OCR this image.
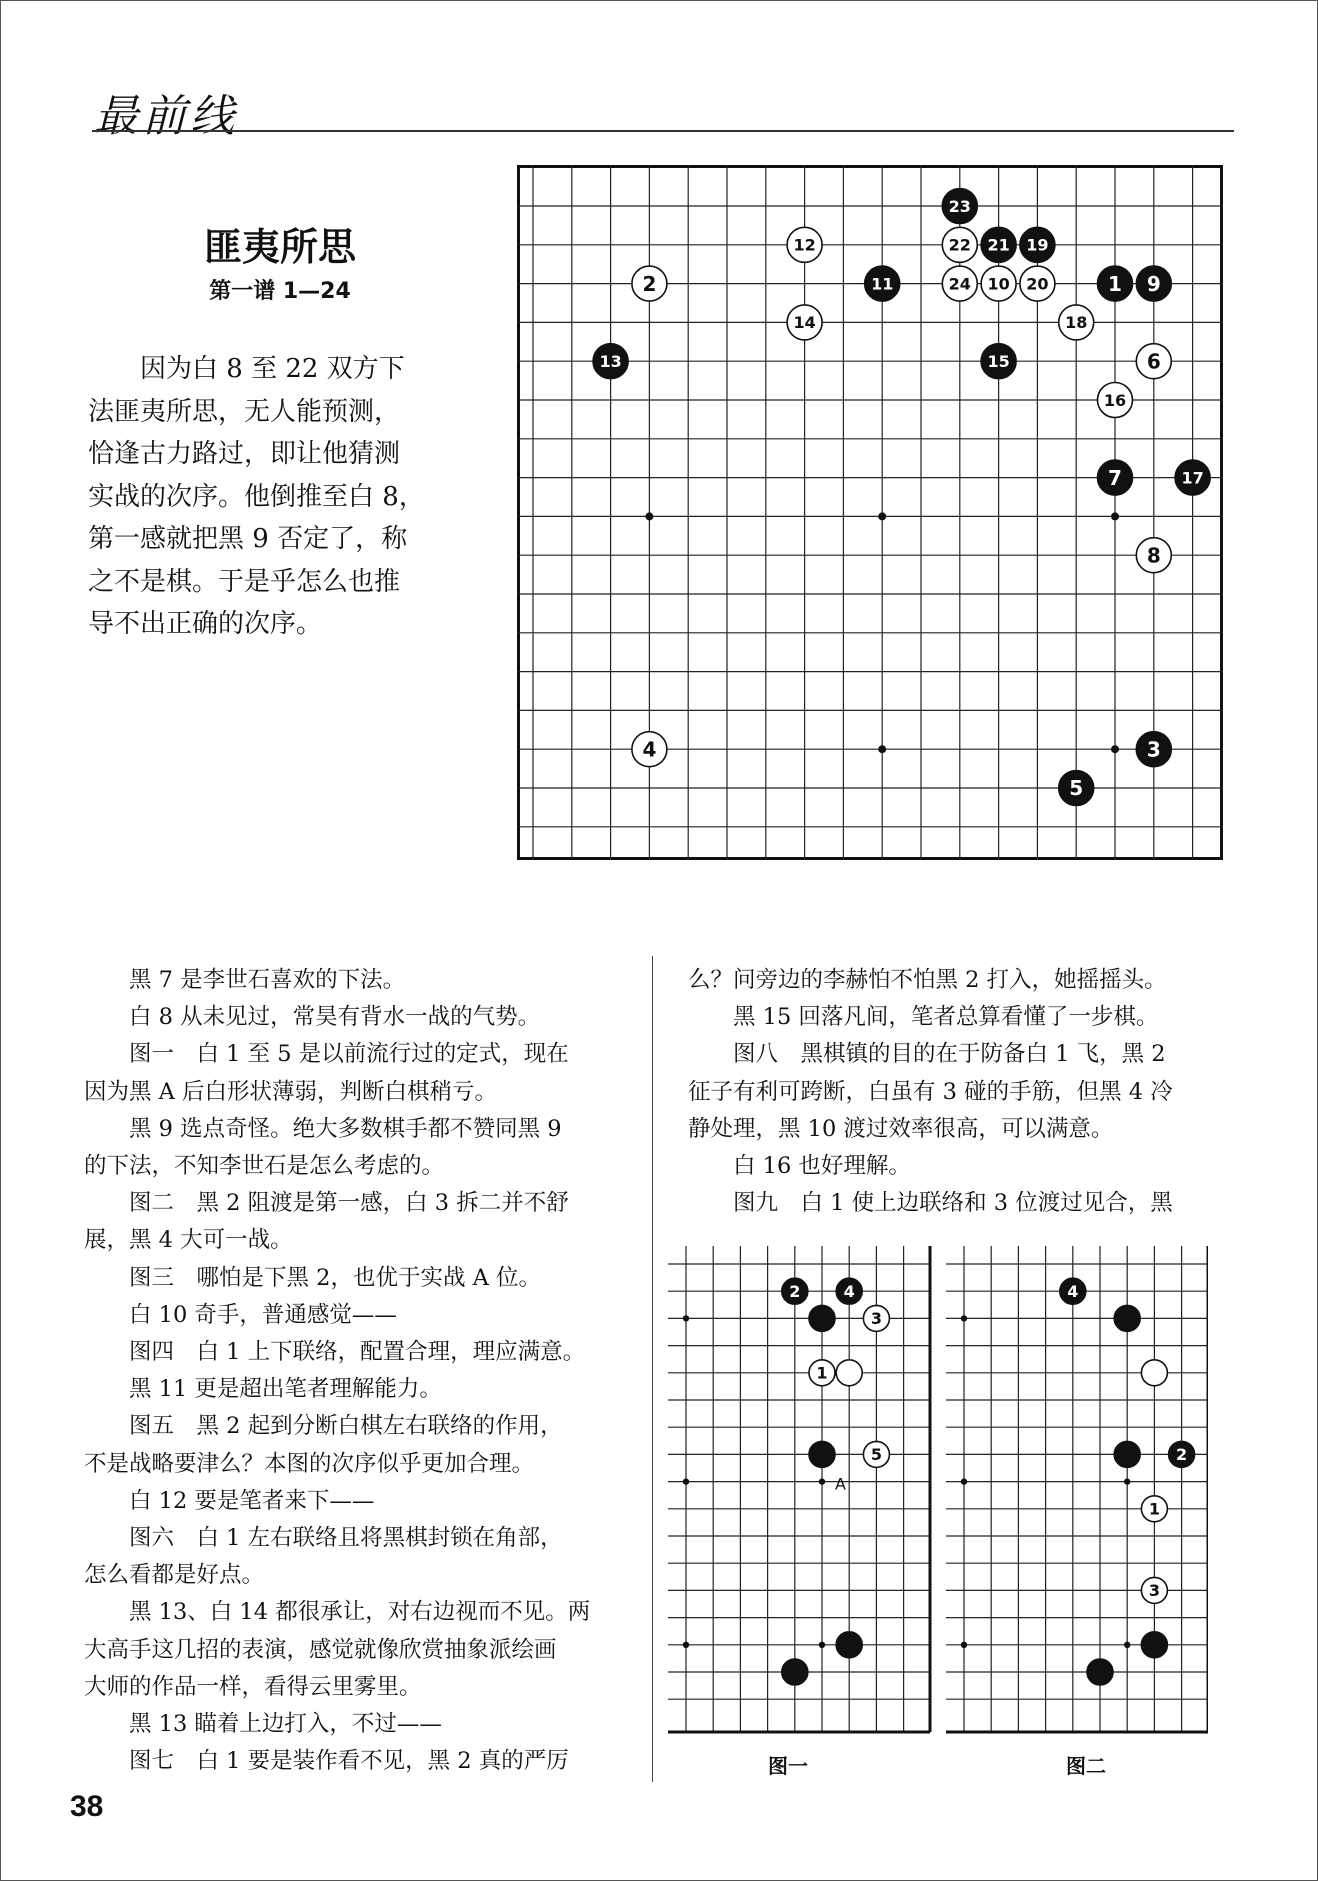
最前线
匪夷所思
第一谱 1—24

　　因为白 8 至 22 双方下

法匪夷所思，无人能预测，

恰逢古力路过，即让他猜测

实战的次序。他倒推至白 8，

第一感就把黑 9 否定了，称

之不是棋。于是乎怎么也推

导不出正确的次序。

23
22 21 19
12
2	11	24 10 20	1 9
14	18
13	15	6
16
7	17
8
4	3
5

　　黑 7 是李世石喜欢的下法。

　　白 8 从未见过，常昊有背水一战的气势。

　　图一　白 1 至 5 是以前流行过的定式，现在

因为黑 A 后白形状薄弱，判断白棋稍亏。

　　黑 9 选点奇怪。绝大多数棋手都不赞同黑 9

的下法，不知李世石是怎么考虑的。

　　图二　黑 2 阻渡是第一感，白 3 拆二并不舒

展，黑 4 大可一战。

　　图三　哪怕是下黑 2，也优于实战 A 位。

　　白 10 奇手，普通感觉——

　　图四　白 1 上下联络，配置合理，理应满意。

　　黑 11 更是超出笔者理解能力。

　　图五　黑 2 起到分断白棋左右联络的作用，

不是战略要津么？本图的次序似乎更加合理。

　　白 12 要是笔者来下——

　　图六　白 1 左右联络且将黑棋封锁在角部，

怎么看都是好点。

　　黑 13、白 14 都很承让，对右边视而不见。两

大高手这几招的表演，感觉就像欣赏抽象派绘画

大师的作品一样，看得云里雾里。

　　黑 13 瞄着上边打入，不过——

　　图七　白 1 要是装作看不见，黑 2 真的严厉

么？问旁边的李赫怕不怕黑 2 打入，她摇摇头。

　　黑 15 回落凡间，笔者总算看懂了一步棋。

　　图八　黑棋镇的目的在于防备白 1 飞，黑 2

征子有利可跨断，白虽有 3 碰的手筋，但黑 4 冷

静处理，黑 10 渡过效率很高，可以满意。

　　白 16 也好理解。

　　图九　白 1 使上边联络和 3 位渡过见合，黑

2	4
3
1
5
A
图一
4
2
1
3
图二
38
